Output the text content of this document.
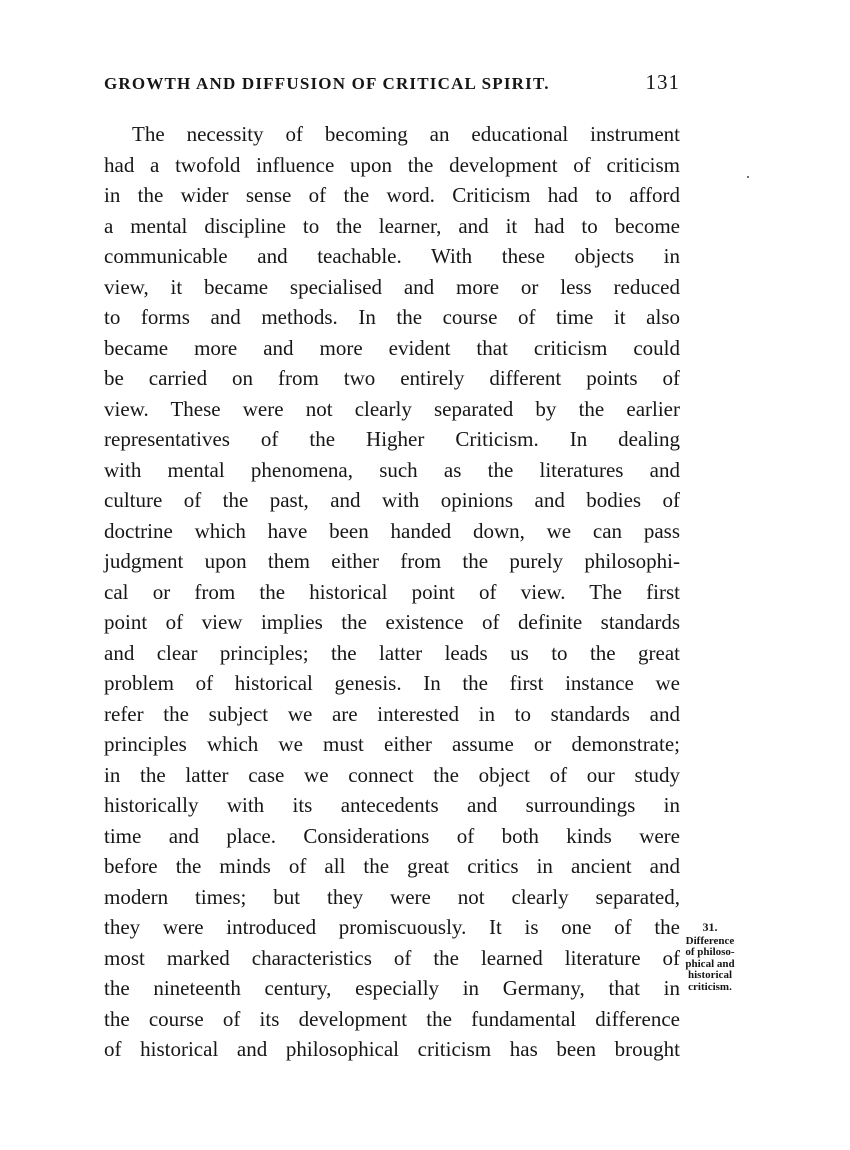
GROWTH AND DIFFUSION OF CRITICAL SPIRIT.	131
The necessity of becoming an educational instrument
had a twofold influence upon the development of criticism
in the wider sense of the word. Criticism had to afford
a mental discipline to the learner, and it had to become
communicable and teachable. With these objects in
view, it became specialised and more or less reduced
to forms and methods. In the course of time it also
became more and more evident that criticism could
be carried on from two entirely different points of
view. These were not clearly separated by the earlier
representatives of the Higher Criticism. In dealing
with mental phenomena, such as the literatures and
culture of the past, and with opinions and bodies of
doctrine which have been handed down, we can pass
judgment upon them either from the purely philosophi-
cal or from the historical point of view. The first
point of view implies the existence of definite standards
and clear principles; the latter leads us to the great
problem of historical genesis. In the first instance we
refer the subject we are interested in to standards and
principles which we must either assume or demonstrate;
in the latter case we connect the object of our study
historically with its antecedents and surroundings in
time and place. Considerations of both kinds were
before the minds of all the great critics in ancient and
modern times; but they were not clearly separated,
they were introduced promiscuously. It is one of the
most marked characteristics of the learned literature of
the nineteenth century, especially in Germany, that in
the course of its development the fundamental difference
of historical and philosophical criticism has been brought
31.
Difference
of philoso-
phical and
historical
criticism.
